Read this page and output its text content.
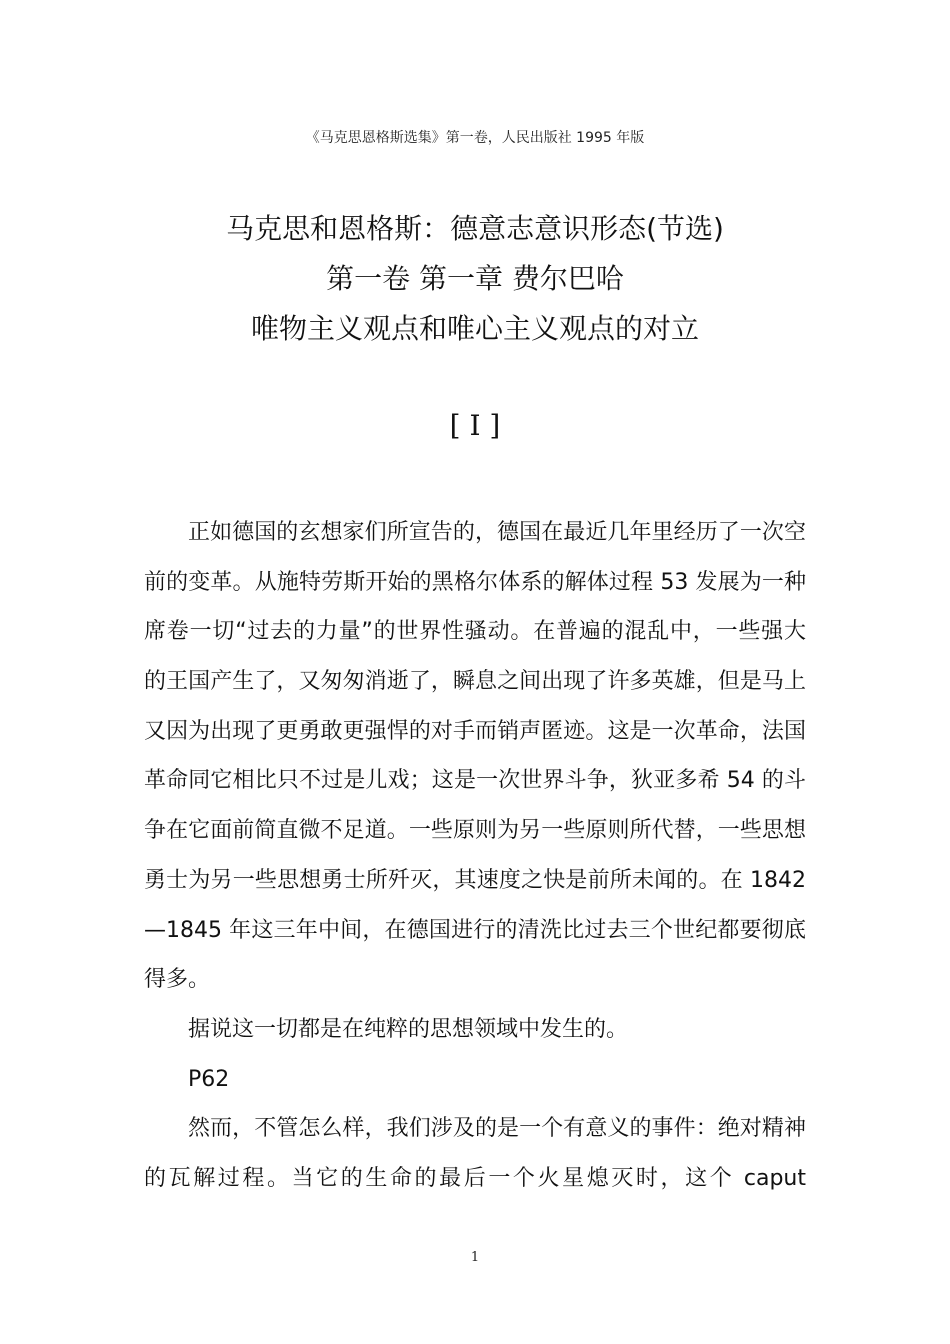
《马克思恩格斯选集》第一卷，人民出版社 1995 年版
马克思和恩格斯：德意志意识形态(节选)
第一卷 第一章 费尔巴哈
唯物主义观点和唯心主义观点的对立
[ I ]
正如德国的玄想家们所宣告的，德国在最近几年里经历了一次空
前的变革。从施特劳斯开始的黑格尔体系的解体过程 53 发展为一种
席卷一切“过去的力量”的世界性骚动。在普遍的混乱中，一些强大
的王国产生了，又匆匆消逝了，瞬息之间出现了许多英雄，但是马上
又因为出现了更勇敢更强悍的对手而销声匿迹。这是一次革命，法国
革命同它相比只不过是儿戏；这是一次世界斗争，狄亚多希 54 的斗
争在它面前简直微不足道。一些原则为另一些原则所代替，一些思想
勇士为另一些思想勇士所歼灭，其速度之快是前所未闻的。在 1842
—1845 年这三年中间，在德国进行的清洗比过去三个世纪都要彻底
得多。
据说这一切都是在纯粹的思想领域中发生的。
P62
然而，不管怎么样，我们涉及的是一个有意义的事件：绝对精神
的瓦解过程。当它的生命的最后一个火星熄灭时，这个 caput
1
